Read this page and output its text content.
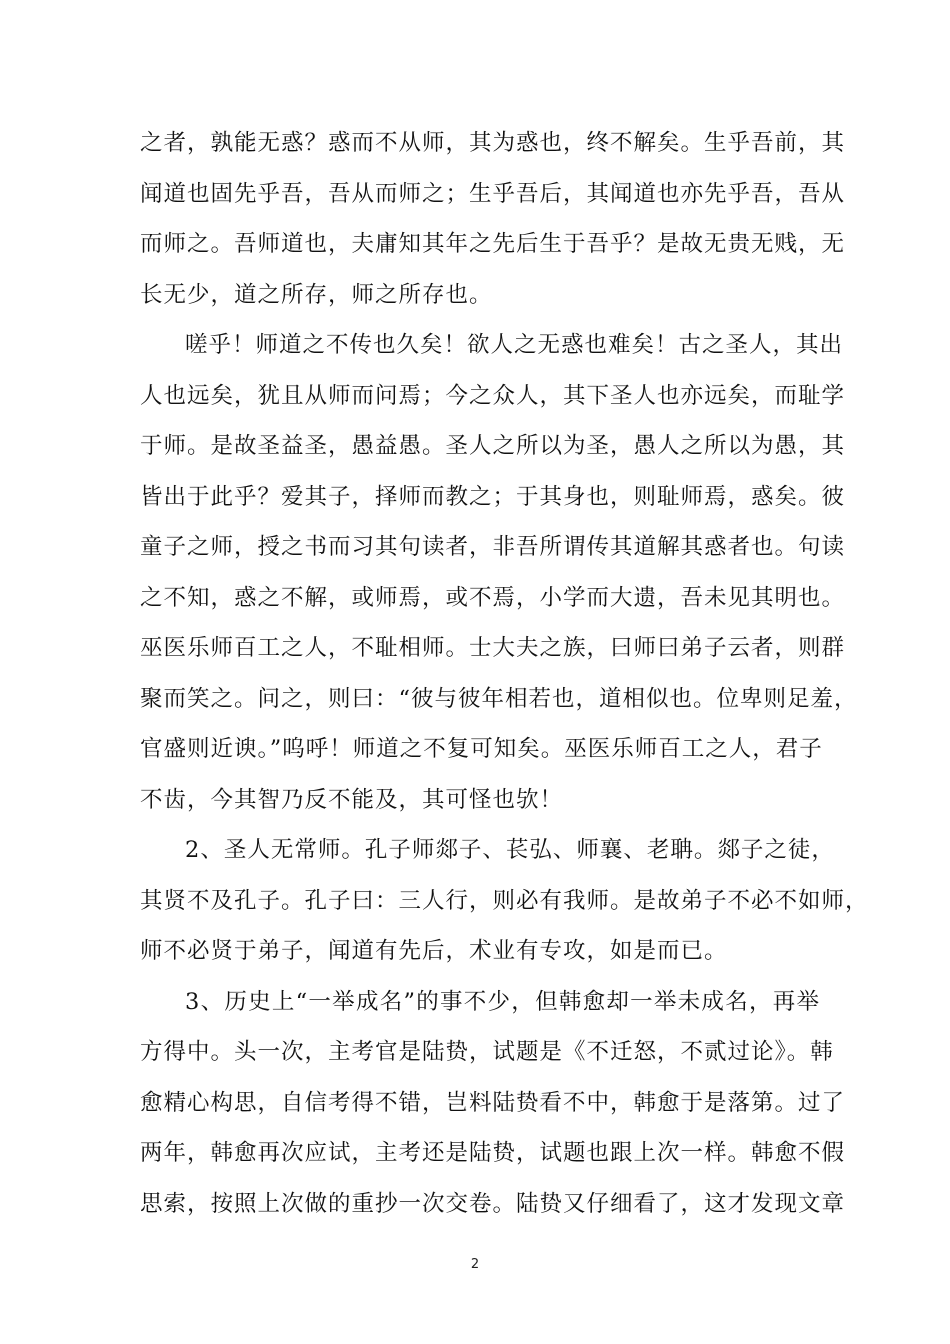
之者，孰能无惑？惑而不从师，其为惑也，终不解矣。生乎吾前，其
闻道也固先乎吾，吾从而师之；生乎吾后，其闻道也亦先乎吾，吾从
而师之。吾师道也，夫庸知其年之先后生于吾乎？是故无贵无贱，无
长无少，道之所存，师之所存也。
嗟乎！师道之不传也久矣！欲人之无惑也难矣！古之圣人，其出
人也远矣，犹且从师而问焉；今之众人，其下圣人也亦远矣，而耻学
于师。是故圣益圣，愚益愚。圣人之所以为圣，愚人之所以为愚，其
皆出于此乎？爱其子，择师而教之；于其身也，则耻师焉，惑矣。彼
童子之师，授之书而习其句读者，非吾所谓传其道解其惑者也。句读
之不知，惑之不解，或师焉，或不焉，小学而大遗，吾未见其明也。
巫医乐师百工之人，不耻相师。士大夫之族，曰师曰弟子云者，则群
聚而笑之。问之，则曰：“彼与彼年相若也，道相似也。位卑则足羞，
官盛则近谀。”呜呼！师道之不复可知矣。巫医乐师百工之人，君子
不齿，今其智乃反不能及，其可怪也欤！
2、圣人无常师。孔子师郯子、苌弘、师襄、老聃。郯子之徒，
其贤不及孔子。孔子曰：三人行，则必有我师。是故弟子不必不如师，
师不必贤于弟子，闻道有先后，术业有专攻，如是而已。
3、历史上“一举成名”的事不少，但韩愈却一举未成名，再举
方得中。头一次，主考官是陆贽，试题是《不迁怒，不贰过论》。韩
愈精心构思，自信考得不错，岂料陆贽看不中，韩愈于是落第。过了
两年，韩愈再次应试，主考还是陆贽，试题也跟上次一样。韩愈不假
思索，按照上次做的重抄一次交卷。陆贽又仔细看了，这才发现文章
2
